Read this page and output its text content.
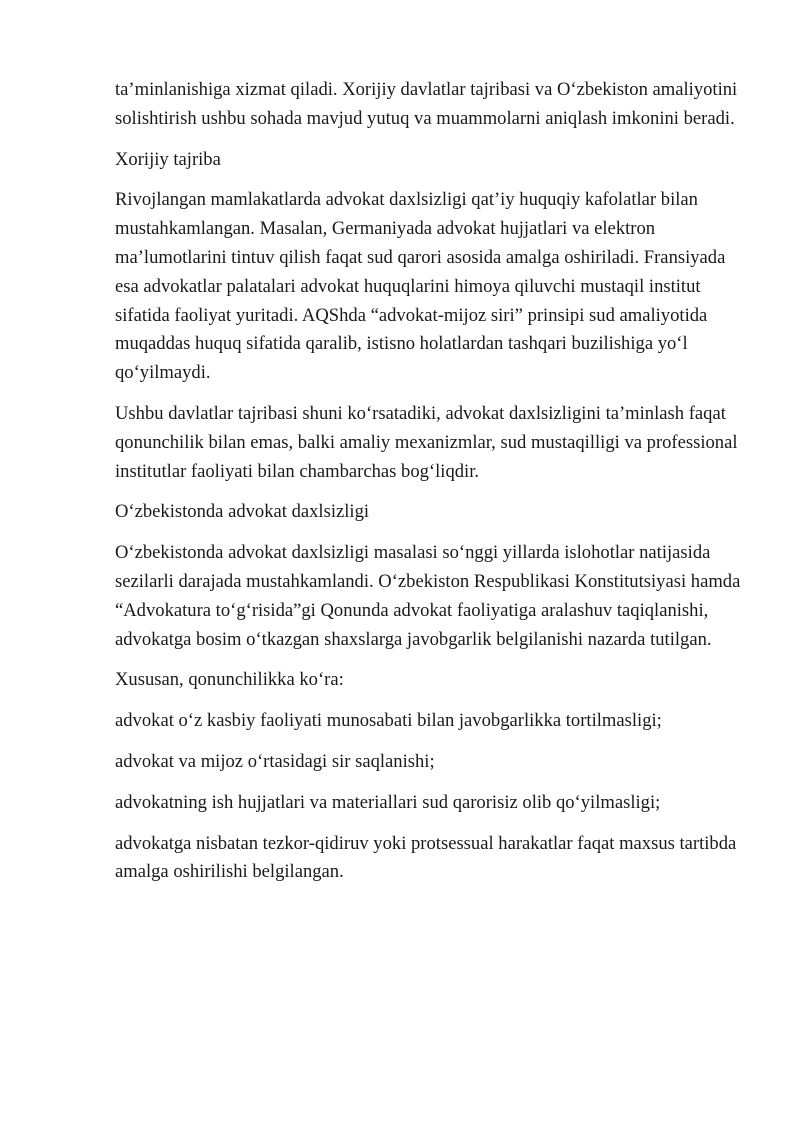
ta’minlanishiga xizmat qiladi. Xorijiy davlatlar tajribasi va O‘zbekiston amaliyotini solishtirish ushbu sohada mavjud yutuq va muammolarni aniqlash imkonini beradi.

Xorijiy tajriba

Rivojlangan mamlakatlarda advokat daxlsizligi qat’iy huquqiy kafolatlar bilan mustahkamlangan. Masalan, Germaniyada advokat hujjatlari va elektron ma’lumotlarini tintuv qilish faqat sud qarori asosida amalga oshiriladi. Fransiyada esa advokatlar palatalari advokat huquqlarini himoya qiluvchi mustaqil institut sifatida faoliyat yuritadi. AQShda “advokat-mijoz siri” prinsipi sud amaliyotida muqaddas huquq sifatida qaralib, istisno holatlardan tashqari buzilishiga yo‘l qo‘yilmaydi.

Ushbu davlatlar tajribasi shuni ko‘rsatadiki, advokat daxlsizligini ta’minlash faqat qonunchilik bilan emas, balki amaliy mexanizmlar, sud mustaqilligi va professional institutlar faoliyati bilan chambarchas bog‘liqdir.

O‘zbekistonda advokat daxlsizligi

O‘zbekistonda advokat daxlsizligi masalasi so‘nggi yillarda islohotlar natijasida sezilarli darajada mustahkamlandi. O‘zbekiston Respublikasi Konstitutsiyasi hamda “Advokatura to‘g‘risida”gi Qonunda advokat faoliyatiga aralashuv taqiqlanishi, advokatga bosim o‘tkazgan shaxslarga javobgarlik belgilanishi nazarda tutilgan.

Xususan, qonunchilikka ko‘ra:

advokat o‘z kasbiy faoliyati munosabati bilan javobgarlikka tortilmasligi;

advokat va mijoz o‘rtasidagi sir saqlanishi;

advokatning ish hujjatlari va materiallari sud qarorisiz olib qo‘yilmasligi;

advokatga nisbatan tezkor-qidiruv yoki protsessual harakatlar faqat maxsus tartibda amalga oshirilishi belgilangan.
